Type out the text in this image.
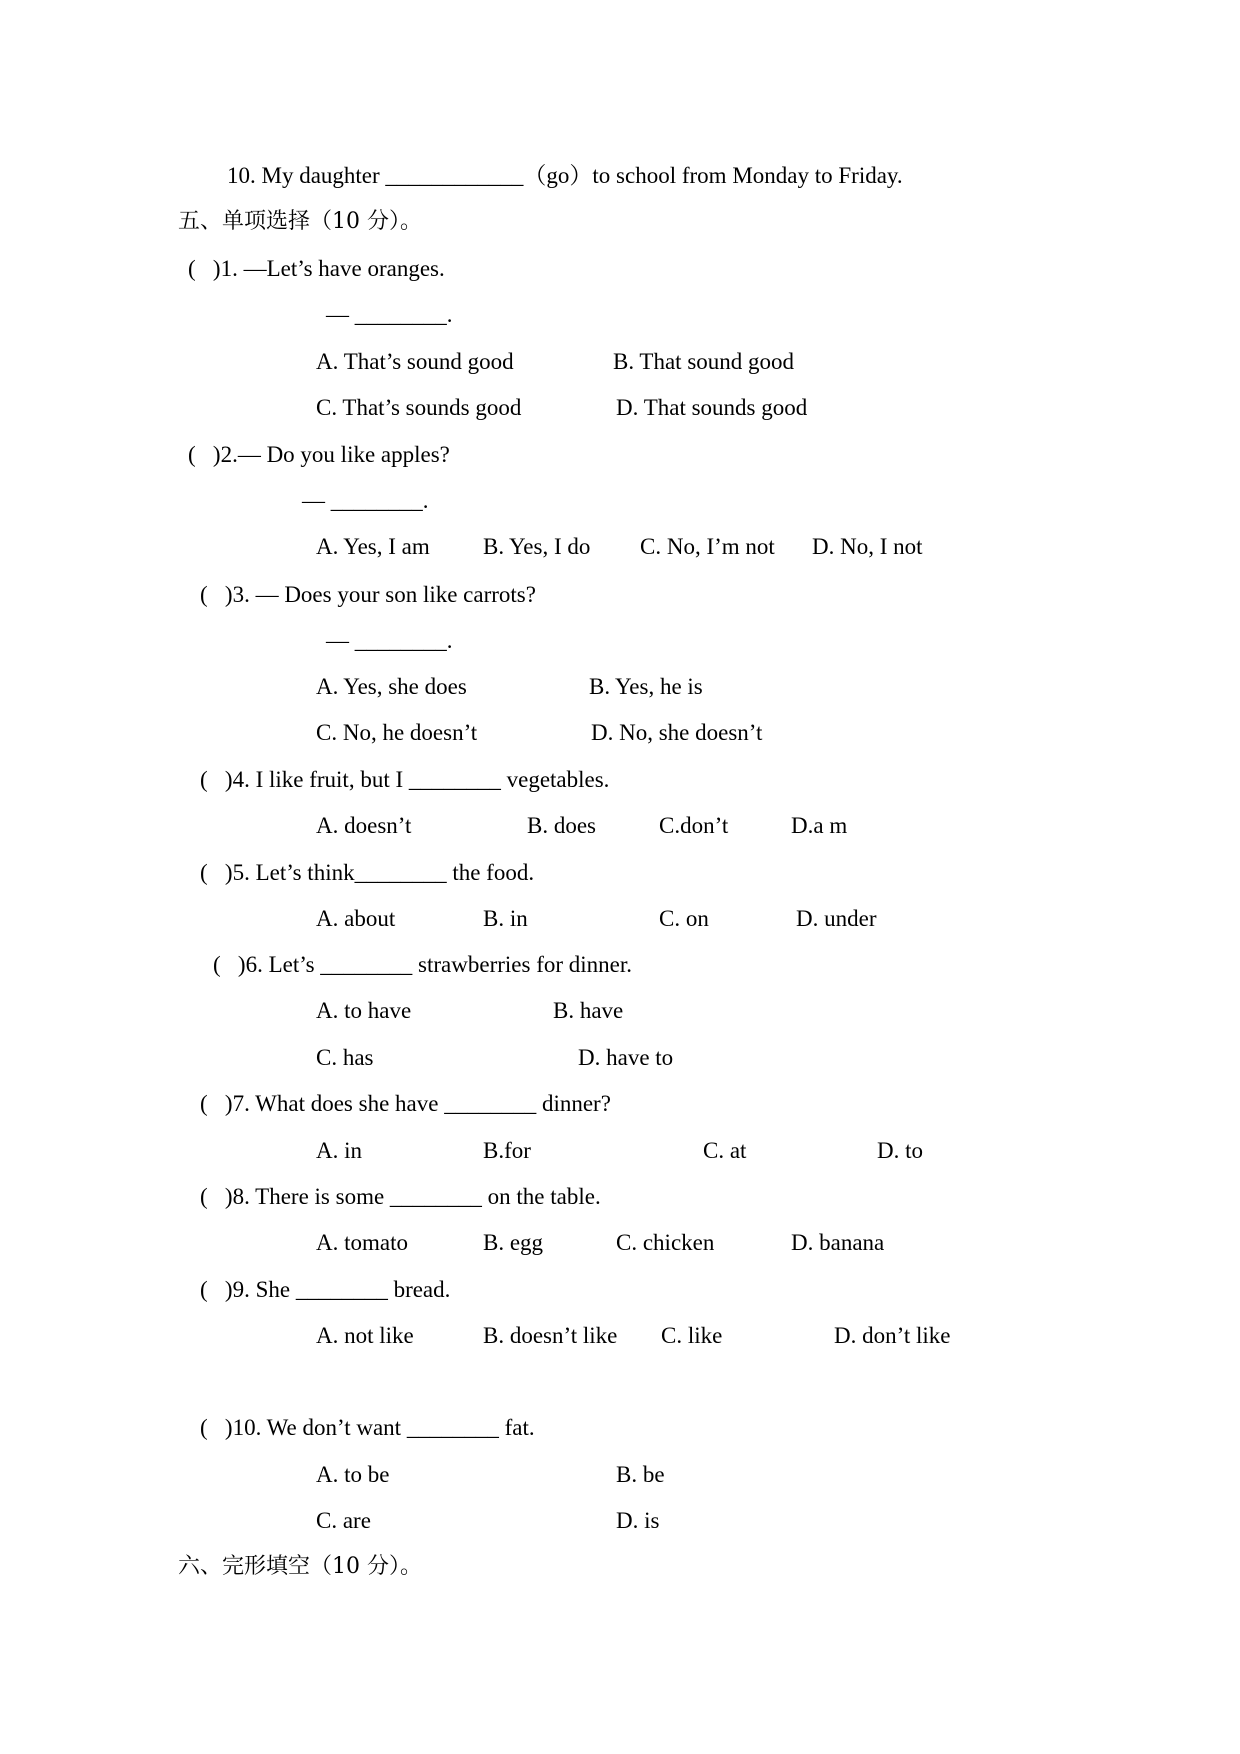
10. My daughter ____________（go）to school from Monday to Friday.
五、单项选择（10 分）。
(   )1. —Let’s have oranges.
— ________.
A. That’s sound good	B. That sound good
C. That’s sounds good	D. That sounds good
(   )2.— Do you like apples?
— ________.
A. Yes, I am B. Yes, I do C. No, I’m not D. No, I not
(   )3. — Does your son like carrots?
— ________.
A. Yes, she does	B. Yes, he is
C. No, he doesn’t	D. No, she doesn’t
(   )4. I like fruit, but I ________ vegetables.
A. doesn’t	B. does	C.don’t	D.a m
(   )5. Let’s think________ the food.
A. about	B. in	C. on	D. under
(   )6. Let’s ________ strawberries for dinner.
A. to have	B. have
C. has	D. have to
(   )7. What does she have ________ dinner?
A. in	B.for	C. at	D. to
(   )8. There is some ________ on the table.
A. tomato	B. egg	C. chicken	D. banana
(   )9. She ________ bread.
A. not like	B. doesn’t like C. like	D. don’t like
(   )10. We don’t want ________ fat.
A. to be	B. be
C. are	D. is
六、完形填空（10 分）。
